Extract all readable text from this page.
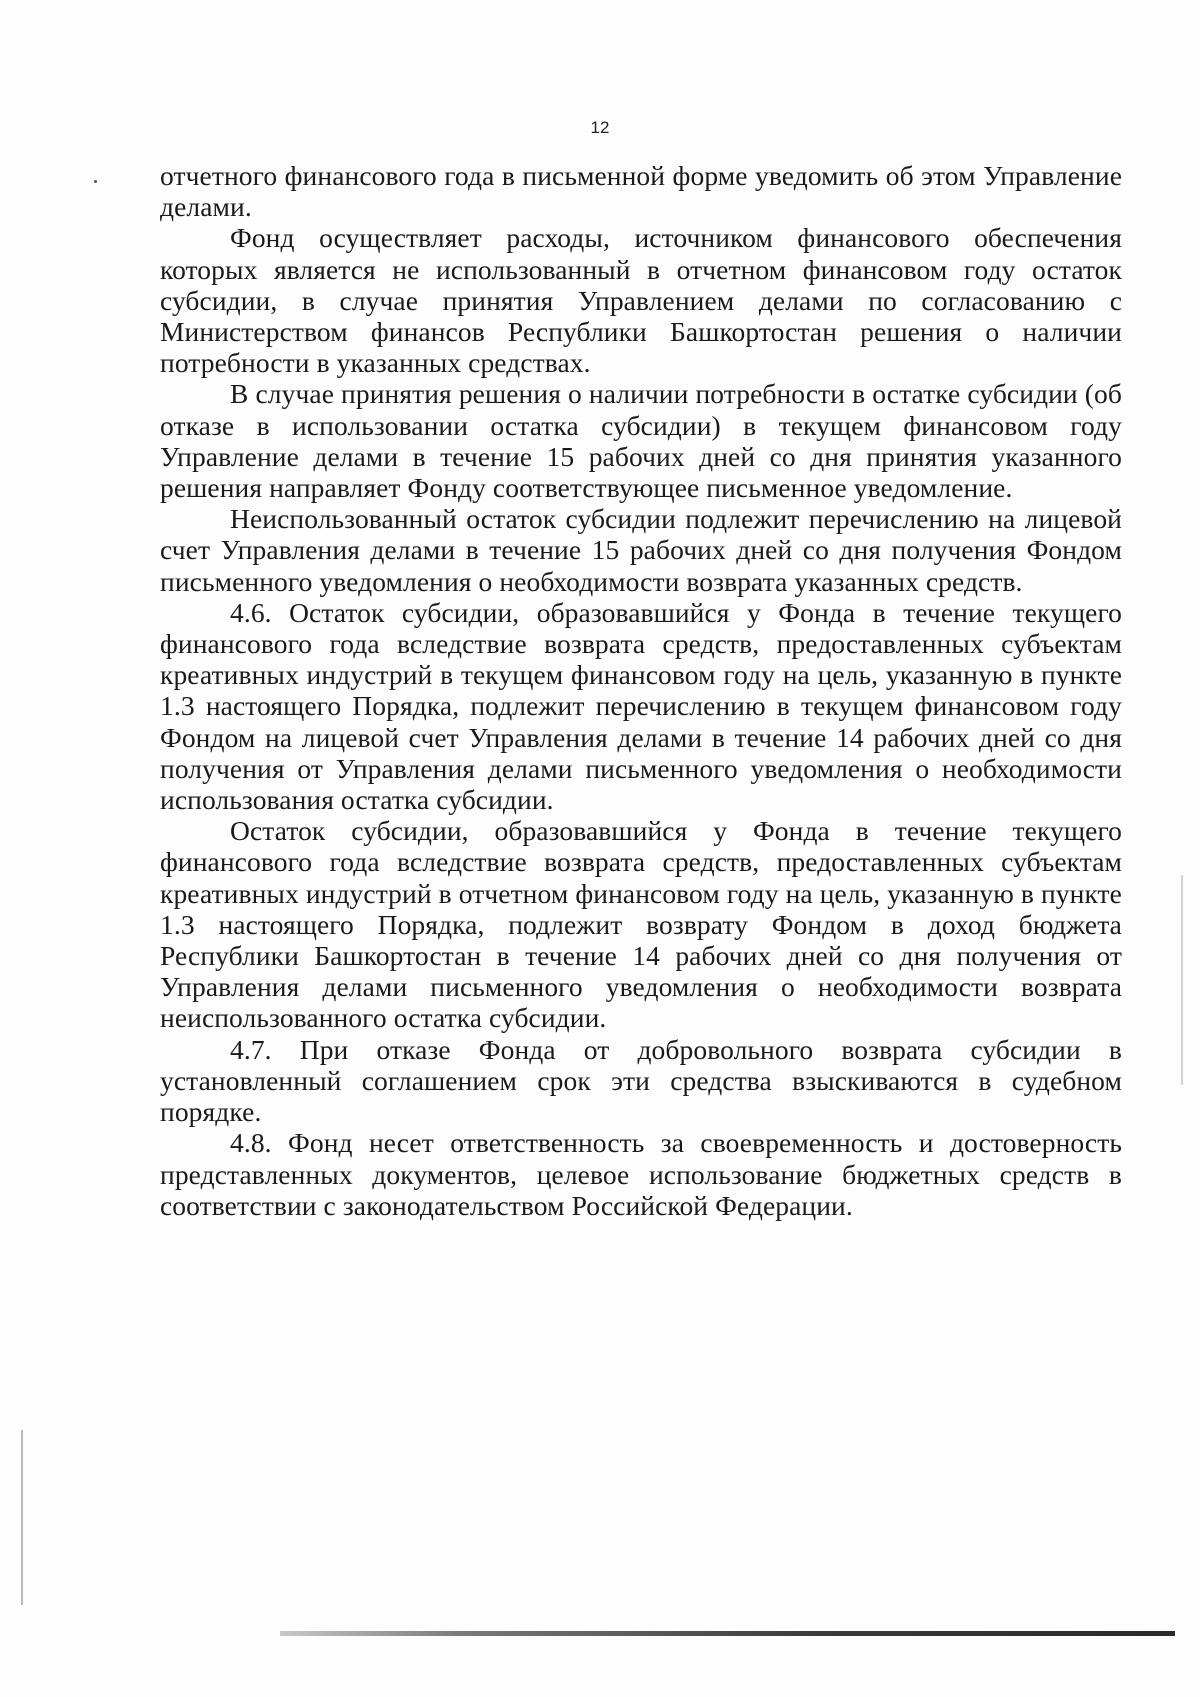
12

отчетного финансового года в письменной форме уведомить об этом Управление делами.

Фонд осуществляет расходы, источником финансового обеспечения которых является не использованный в отчетном финансовом году остаток субсидии, в случае принятия Управлением делами по согласованию с Министерством финансов Республики Башкортостан решения о наличии потребности в указанных средствах.

В случае принятия решения о наличии потребности в остатке субсидии (об отказе в использовании остатка субсидии) в текущем финансовом году Управление делами в течение 15 рабочих дней со дня принятия указанного решения направляет Фонду соответствующее письменное уведомление.

Неиспользованный остаток субсидии подлежит перечислению на лицевой счет Управления делами в течение 15 рабочих дней со дня получения Фондом письменного уведомления о необходимости возврата указанных средств.

4.6. Остаток субсидии, образовавшийся у Фонда в течение текущего финансового года вследствие возврата средств, предоставленных субъектам креативных индустрий в текущем финансовом году на цель, указанную в пункте 1.3 настоящего Порядка, подлежит перечислению в текущем финансовом году Фондом на лицевой счет Управления делами в течение 14 рабочих дней со дня получения от Управления делами письменного уведомления о необходимости использования остатка субсидии.

Остаток субсидии, образовавшийся у Фонда в течение текущего финансового года вследствие возврата средств, предоставленных субъектам креативных индустрий в отчетном финансовом году на цель, указанную в пункте 1.3 настоящего Порядка, подлежит возврату Фондом в доход бюджета Республики Башкортостан в течение 14 рабочих дней со дня получения от Управления делами письменного уведомления о необходимости возврата неиспользованного остатка субсидии.

4.7. При отказе Фонда от добровольного возврата субсидии в установленный соглашением срок эти средства взыскиваются в судебном порядке.

4.8. Фонд несет ответственность за своевременность и достоверность представленных документов, целевое использование бюджетных средств в соответствии с законодательством Российской Федерации.
